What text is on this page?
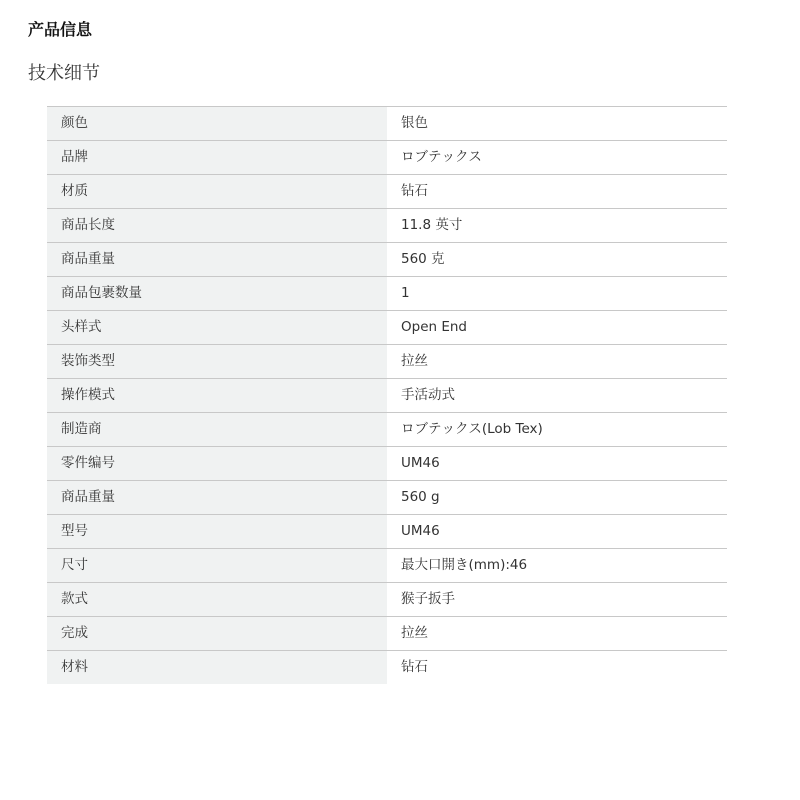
产品信息
技术细节
颜色	银色
品牌	ロブテックス
材质	钻石
商品长度	11.8 英寸
商品重量	560 克
商品包裹数量	1
头样式	Open End
装饰类型	拉丝
操作模式	手活动式
制造商	ロブテックス(Lob Tex)
零件编号	UM46
商品重量	560 g
型号	UM46
尺寸	最大口開き(mm):46
款式	猴子扳手
完成	拉丝
材料	钻石
